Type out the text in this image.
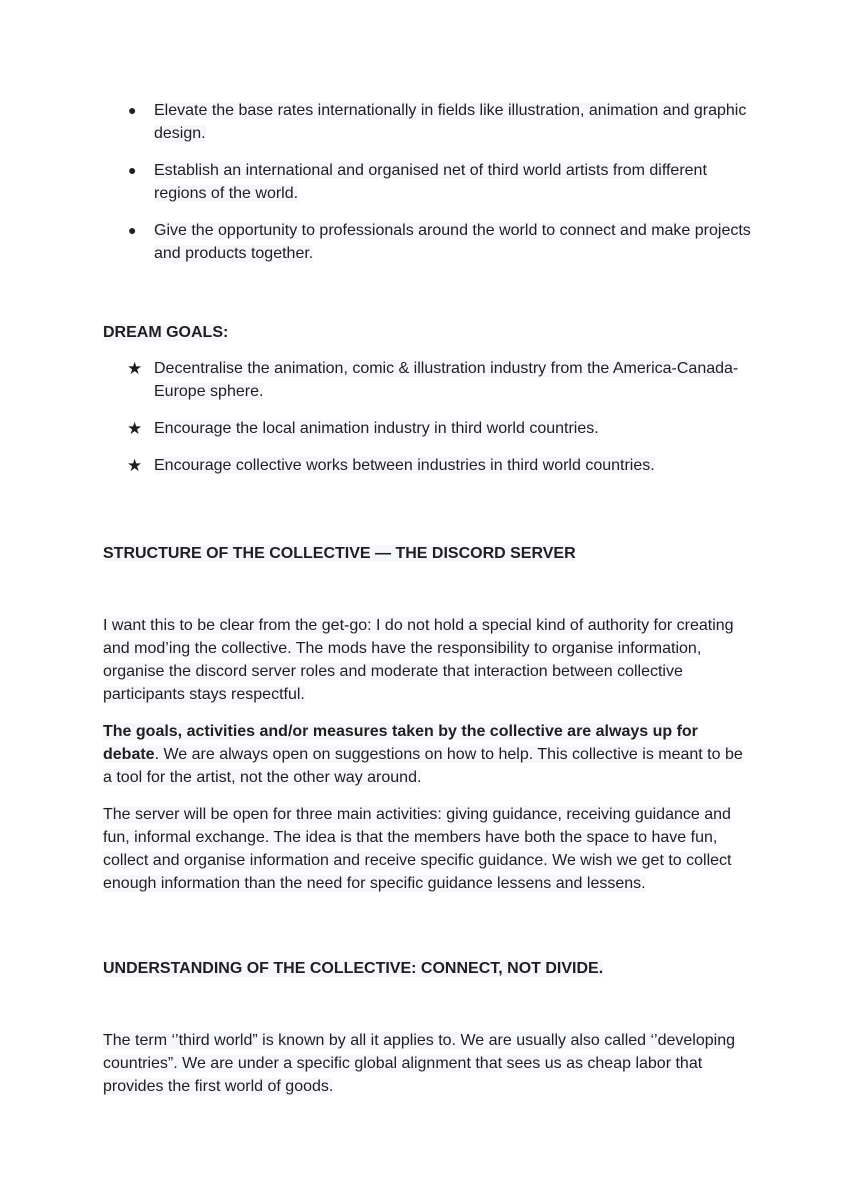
●	Elevate the base rates internationally in fields like illustration, animation and graphic design.
●	Establish an international and organised net of third world artists from different regions of the world.
●	Give the opportunity to professionals around the world to connect and make projects and products together.

DREAM GOALS:

★ Decentralise the animation, comic & illustration industry from the America-Canada-Europe sphere.
★ Encourage the local animation industry in third world countries.
★ Encourage collective works between industries in third world countries.

STRUCTURE OF THE COLLECTIVE — THE DISCORD SERVER

I want this to be clear from the get-go: I do not hold a special kind of authority for creating and mod’ing the collective. The mods have the responsibility to organise information, organise the discord server roles and moderate that interaction between collective participants stays respectful.

The goals, activities and/or measures taken by the collective are always up for debate. We are always open on suggestions on how to help. This collective is meant to be a tool for the artist, not the other way around.

The server will be open for three main activities: giving guidance, receiving guidance and fun, informal exchange. The idea is that the members have both the space to have fun, collect and organise information and receive specific guidance. We wish we get to collect enough information than the need for specific guidance lessens and lessens.

UNDERSTANDING OF THE COLLECTIVE: CONNECT, NOT DIVIDE.

The term ‘’third world” is known by all it applies to. We are usually also called ‘’developing countries”. We are under a specific global alignment that sees us as cheap labor that provides the first world of goods.
